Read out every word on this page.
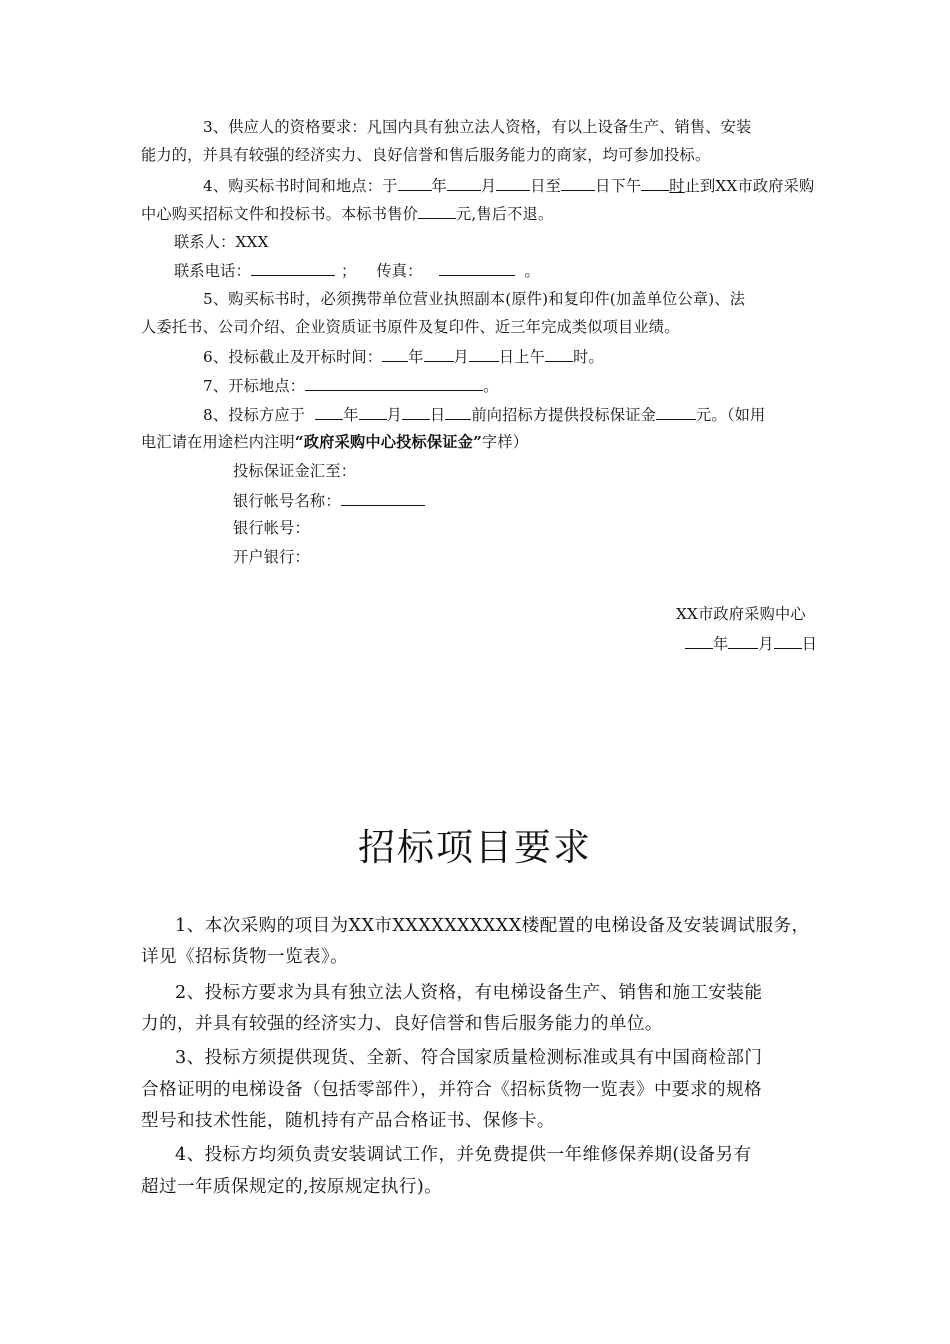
3、供应人的资格要求：凡国内具有独立法人资格，有以上设备生产、销售、安装
能力的，并具有较强的经济实力、良好信誉和售后服务能力的商家，均可参加投标。
4、购买标书时间和地点：于 年 月 日至 日下午 时止到XX市政府采购
中心购买招标文件和投标书。本标书售价	元,售后不退。
联系人：XXX
联系电话：	； 传真：	。
5、购买标书时，必须携带单位营业执照副本(原件)和复印件(加盖单位公章)、法
人委托书、公司介绍、企业资质证书原件及复印件、近三年完成类似项目业绩。
6、投标截止及开标时间： 年 月 日上午 时。
7、开标地点：	。
8、投标方应于	年 月 日 前向招标方提供投标保证金	元。（如用
电汇请在用途栏内注明“政府采购中心投标保证金”字样）
投标保证金汇至：
银行帐号名称：
银行帐号：
开户银行：
XX市政府采购中心
年 月 日
招标项目要求
1、本次采购的项目为XX市XXXXXXXXXX楼配置的电梯设备及安装调试服务，
详见《招标货物一览表》。
2、投标方要求为具有独立法人资格，有电梯设备生产、销售和施工安装能
力的，并具有较强的经济实力、良好信誉和售后服务能力的单位。
3、投标方须提供现货、全新、符合国家质量检测标准或具有中国商检部门
合格证明的电梯设备（包括零部件），并符合《招标货物一览表》中要求的规格
型号和技术性能，随机持有产品合格证书、保修卡。
4、投标方均须负责安装调试工作，并免费提供一年维修保养期(设备另有
超过一年质保规定的,按原规定执行)。
